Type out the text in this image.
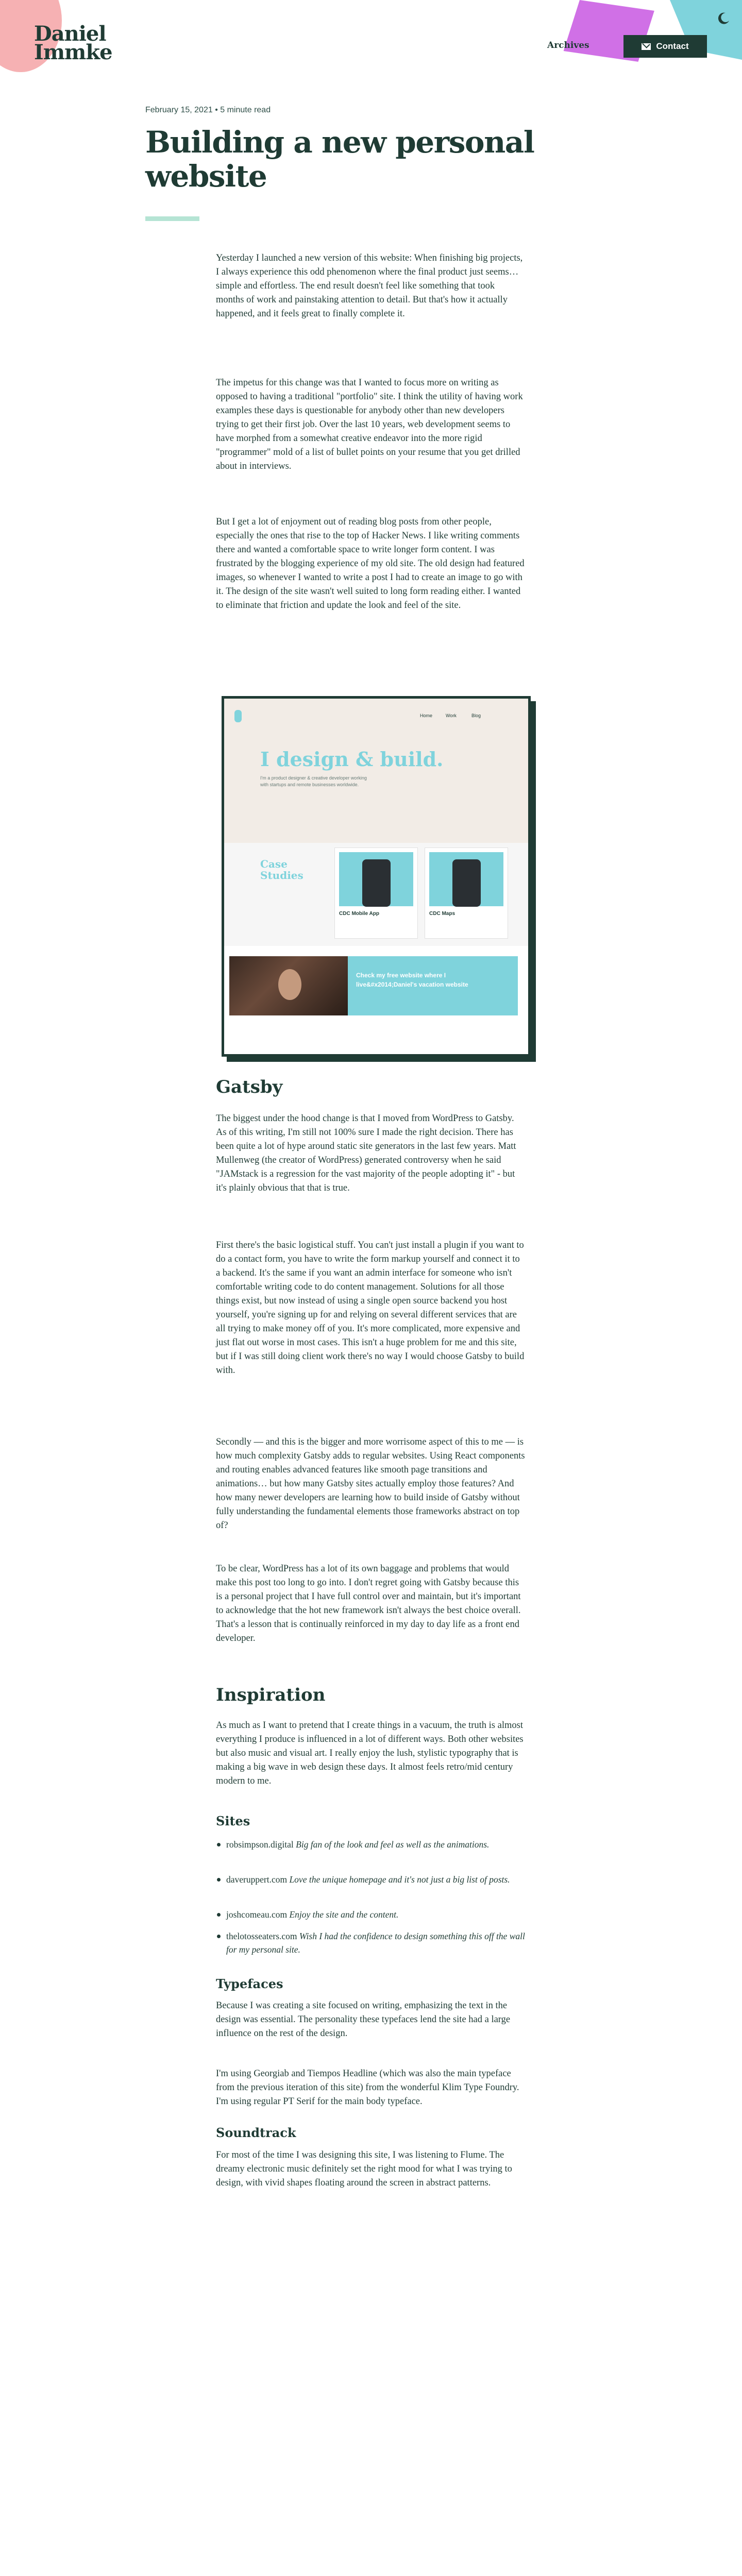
Daniel
Immke	Archives	Contact
February 15, 2021 • 5 minute read
Building a new personal website

Yesterday I launched a new version of this website: When finishing big projects, I always experience this odd phenomenon where the final product just seems… simple and effortless. The end result doesn't feel like something that took months of work and painstaking attention to detail. But that's how it actually happened, and it feels great to finally complete it.

The impetus for this change was that I wanted to focus more on writing as opposed to having a traditional "portfolio" site. I think the utility of having work examples these days is questionable for anybody other than new developers trying to get their first job. Over the last 10 years, web development seems to have morphed from a somewhat creative endeavor into the more rigid "programmer" mold of a list of bullet points on your resume that you get drilled about in interviews.

But I get a lot of enjoyment out of reading blog posts from other people, especially the ones that rise to the top of Hacker News. I like writing comments there and wanted a comfortable space to write longer form content. I was frustrated by the blogging experience of my old site. The old design had featured images, so whenever I wanted to write a post I had to create an image to go with it. The design of the site wasn't well suited to long form reading either. I wanted to eliminate that friction and update the look and feel of the site.

Home	Work	Blog
I design & build.
I'm a product designer & creative developer working with startups and remote businesses worldwide.
Case Studies
CDC Mobile App	CDC Maps
Check my free website where I live&#x2014;Daniel's vacation website
Gatsby

The biggest under the hood change is that I moved from WordPress to Gatsby. As of this writing, I'm still not 100% sure I made the right decision. There has been quite a lot of hype around static site generators in the last few years. Matt Mullenweg (the creator of WordPress) generated controversy when he said "JAMstack is a regression for the vast majority of the people adopting it" - but it's plainly obvious that that is true.

First there's the basic logistical stuff. You can't just install a plugin if you want to do a contact form, you have to write the form markup yourself and connect it to a backend. It's the same if you want an admin interface for someone who isn't comfortable writing code to do content management. Solutions for all those things exist, but now instead of using a single open source backend you host yourself, you're signing up for and relying on several different services that are all trying to make money off of you. It's more complicated, more expensive and just flat out worse in most cases. This isn't a huge problem for me and this site, but if I was still doing client work there's no way I would choose Gatsby to build with.

Secondly — and this is the bigger and more worrisome aspect of this to me — is how much complexity Gatsby adds to regular websites. Using React components and routing enables advanced features like smooth page transitions and animations… but how many Gatsby sites actually employ those features? And how many newer developers are learning how to build inside of Gatsby without fully understanding the fundamental elements those frameworks abstract on top of?

To be clear, WordPress has a lot of its own baggage and problems that would make this post too long to go into. I don't regret going with Gatsby because this is a personal project that I have full control over and maintain, but it's important to acknowledge that the hot new framework isn't always the best choice overall. That's a lesson that is continually reinforced in my day to day life as a front end developer.

Inspiration

As much as I want to pretend that I create things in a vacuum, the truth is almost everything I produce is influenced in a lot of different ways. Both other websites but also music and visual art. I really enjoy the lush, stylistic typography that is making a big wave in web design these days. It almost feels retro/mid century modern to me.

Sites
robsimpson.digital Big fan of the look and feel as well as the animations.
daveruppert.com Love the unique homepage and it's not just a big list of posts.
joshcomeau.com Enjoy the site and the content.
thelotosseaters.com Wish I had the confidence to design something this off the wall for my personal site.
Typefaces

Because I was creating a site focused on writing, emphasizing the text in the design was essential. The personality these typefaces lend the site had a large influence on the rest of the design.

I'm using Georgiab and Tiempos Headline (which was also the main typeface from the previous iteration of this site) from the wonderful Klim Type Foundry. I'm using regular PT Serif for the main body typeface.

Soundtrack

For most of the time I was designing this site, I was listening to Flume. The dreamy electronic music definitely set the right mood for what I was trying to design, with vivid shapes floating around the screen in abstract patterns.
